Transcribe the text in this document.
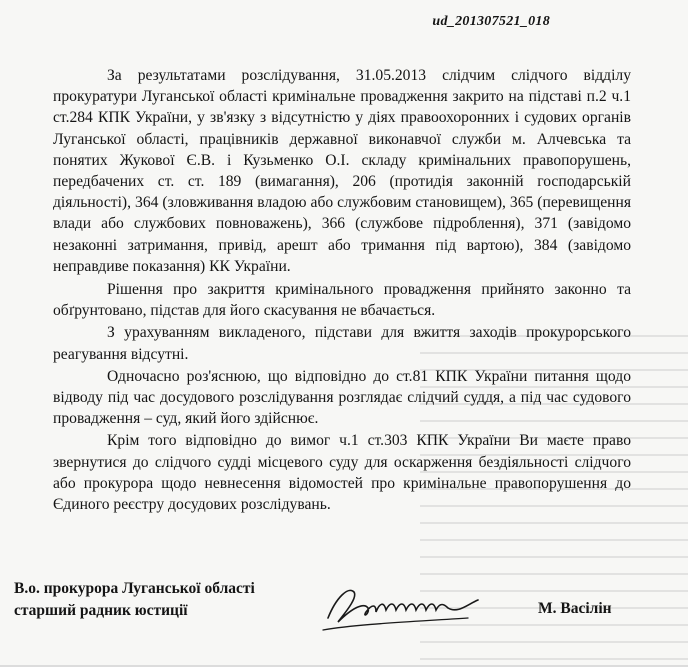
ud_201307521_018

За результатами розслідування, 31.05.2013 слідчим слідчого відділу прокуратури Луганської області кримінальне провадження закрито на підставі п.2 ч.1 ст.284 КПК України, у зв'язку з відсутністю у діях правоохоронних і судових органів Луганської області, працівників державної виконавчої служби м. Алчевська та понятих Жукової Є.В. і Кузьменко О.І. складу кримінальних правопорушень, передбачених ст. ст. 189 (вимагання), 206 (протидія законній господарській діяльності), 364 (зловживання владою або службовим становищем), 365 (перевищення влади або службових повноважень), 366 (службове підроблення), 371 (завідомо незаконні затримання, привід, арешт або тримання під вартою), 384 (завідомо неправдиве показання) КК України.

Рішення про закриття кримінального провадження прийнято законно та обґрунтовано, підстав для його скасування не вбачається.

З урахуванням викладеного, підстави для вжиття заходів прокурорського реагування відсутні.

Одночасно роз'яснюю, що відповідно до ст.81 КПК України питання щодо відводу під час досудового розслідування розглядає слідчий суддя, а під час судового провадження – суд, який його здійснює.

Крім того відповідно до вимог ч.1 ст.303 КПК України Ви маєте право звернутися до слідчого судді місцевого суду для оскарження бездіяльності слідчого або прокурора щодо невнесення відомостей про кримінальне правопорушення до Єдиного реєстру досудових розслідувань.

В.о. прокурора Луганської області
старший радник юстиції	М. Васілін
